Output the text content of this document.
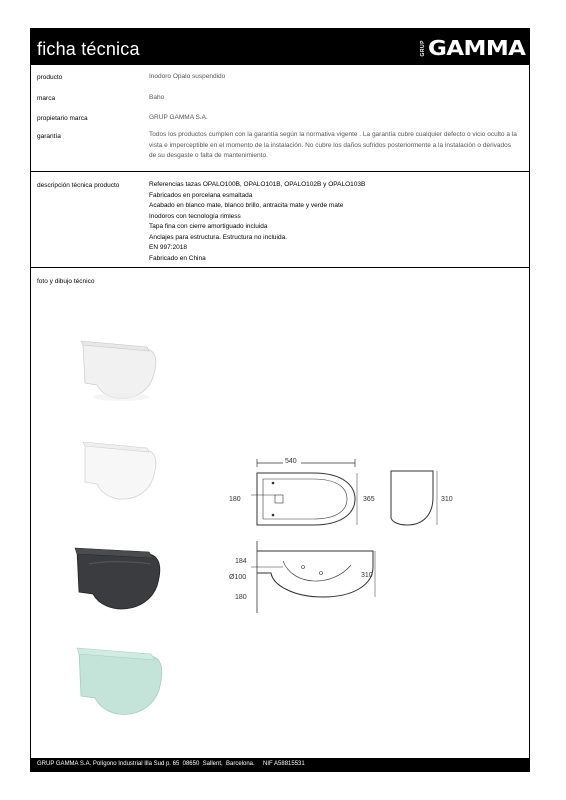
ficha técnica	GRUP GAMMA
producto	Inodoro Opalo suspendido
marca	Baho
propietario marca	GRUP GAMMA S.A.
garantía	Todos los productos cumplen con la garantía según la normativa vigente . La garantía cubre cualquier defecto o vicio oculto a la
vista e imperceptible en el momento de la instalación. No cubre los daños sufridos posteriormente a la instalación o derivados
de su desgaste o falta de mantenimiento.
descripción técnica producto	Referencias tazas OPALO100B, OPALO101B, OPALO102B y OPALO103B
Fabricados en porcelana esmaltada
Acabado en blanco mate, blanco brillo, antracita mate y verde mate
Inodoros con tecnología rimless
Tapa fina con cierre amortiguado incluida
Anclajes para estructura. Estructura no incluida.
EN 997:2018
Fabricado en China
foto y dibujo técnico
540
180	365	310
184
Ø100
180
310
GRUP GAMMA S.A. Polígono Industrial Illa Sud p. 65  08650  Sallent,  Barcelona.     NIF A58815531
